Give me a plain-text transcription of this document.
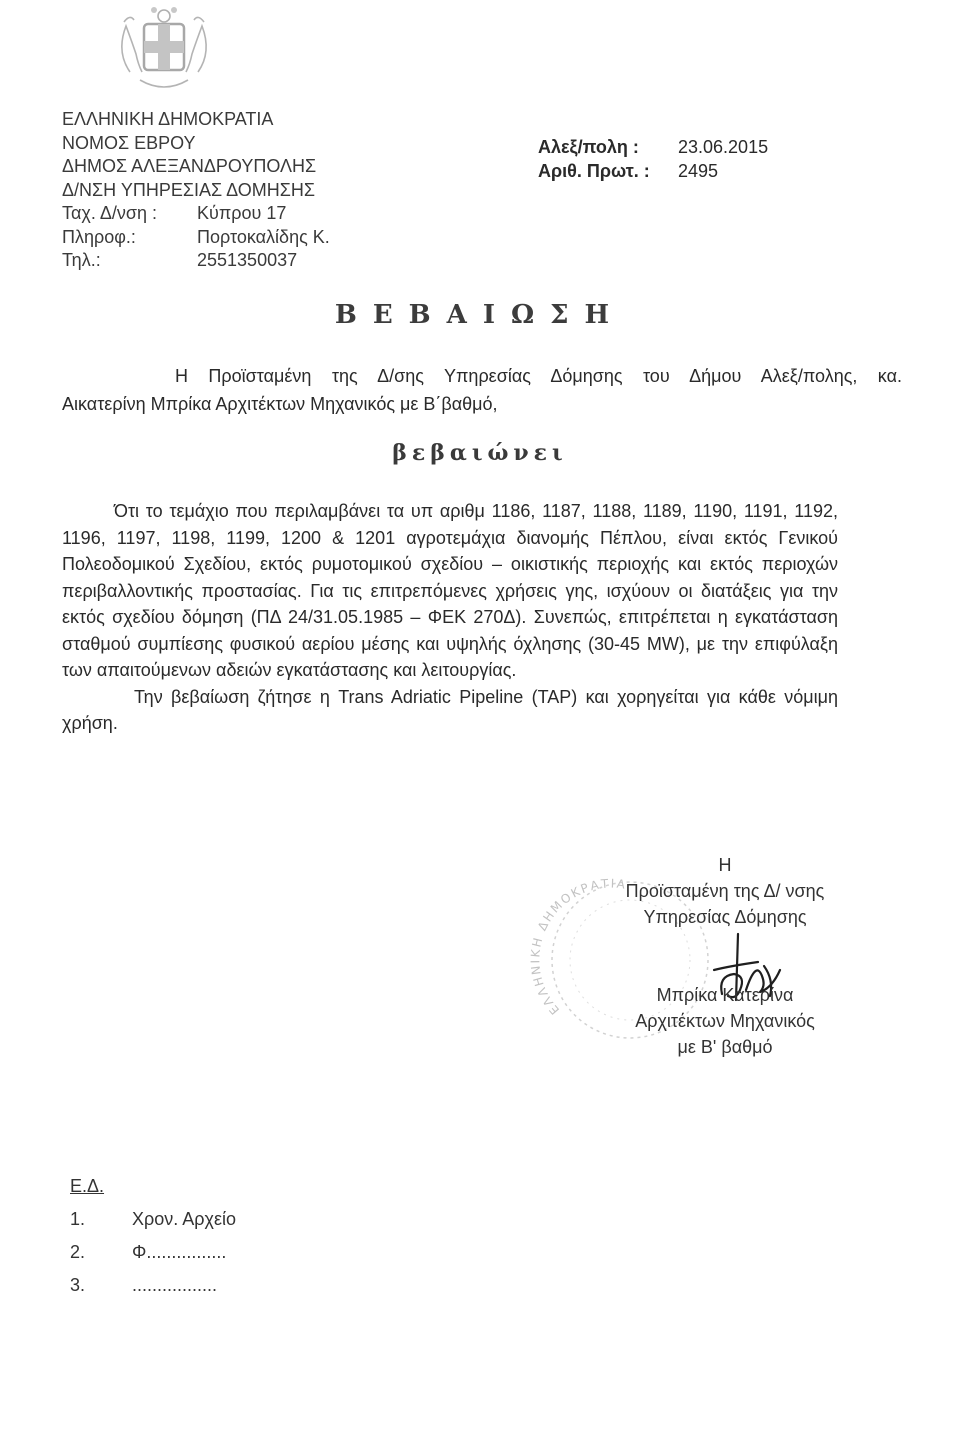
ΕΛΛΗΝΙΚΗ ΔΗΜΟΚΡΑΤΙΑ
ΝΟΜΟΣ ΕΒΡΟΥ
ΔΗΜΟΣ ΑΛΕΞΑΝΔΡΟΥΠΟΛΗΣ
Δ/ΝΣΗ ΥΠΗΡΕΣΙΑΣ ΔΟΜΗΣΗΣ
Ταχ. Δ/νση : Κύπρου 17
Πληροφ.:	Πορτοκαλίδης Κ.
Τηλ.:	2551350037
Αλεξ/πολη : 23.06.2015
Αριθ. Πρωτ. : 2495
ΒΕΒΑΙΩΣΗ

Η Προϊσταμένη της Δ/σης Υπηρεσίας Δόμησης του Δήμου Αλεξ/πολης, κα.

Αικατερίνη Μπρίκα Αρχιτέκτων Μηχανικός με Β΄βαθμό,

βεβαιώνει

Ότι το τεμάχιο που περιλαμβάνει τα υπ αριθμ 1186, 1187, 1188, 1189, 1190, 1191, 1192, 1196, 1197, 1198, 1199, 1200 & 1201 αγροτεμάχια διανομής Πέπλου, είναι εκτός Γενικού Πολεοδομικού Σχεδίου, εκτός ρυμοτομικού σχεδίου – οικιστικής περιοχής και εκτός περιοχών περιβαλλοντικής προστασίας. Για τις επιτρεπόμενες χρήσεις γης, ισχύουν οι διατάξεις για την εκτός σχεδίου δόμηση (ΠΔ 24/31.05.1985 – ΦΕΚ 270Δ). Συνεπώς, επιτρέπεται η εγκατάσταση σταθμού συμπίεσης φυσικού αερίου μέσης και υψηλής όχλησης (30-45 MW), με την επιφύλαξη των απαιτούμενων αδειών εγκατάστασης και λειτουργίας.

Την βεβαίωση ζήτησε η Trans Adriatic Pipeline (TAP) και χορηγείται για κάθε νόμιμη χρήση.

ΕΛΛΗΝΙΚΗ ΔΗΜΟΚΡΑΤΙΑ
Η
Προϊσταμένη της Δ/ νσης
Υπηρεσίας Δόμησης
Μπρίκα Κατερίνα
Αρχιτέκτων Μηχανικός
με Β' βαθμό
Ε.Δ.
1.	Χρον. Αρχείο
2.	Φ................
3.	.................
